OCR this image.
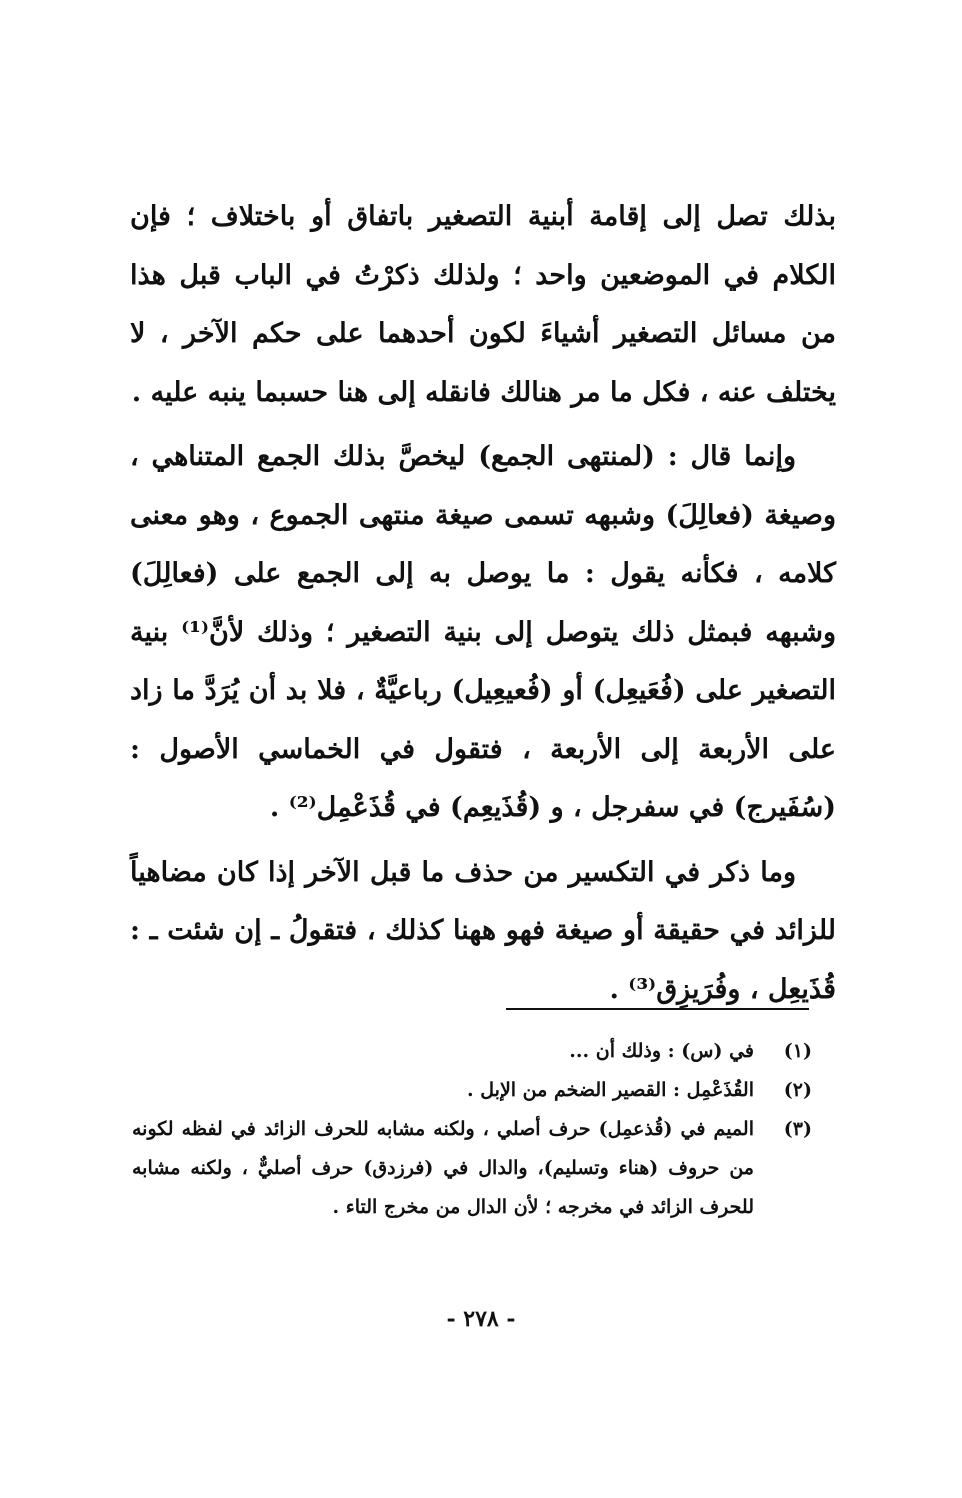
بذلك تصل إلى إقامة أبنية التصغير باتفاق أو باختلاف ؛ فإن الكلام في الموضعين واحد ؛ ولذلك ذكرْتُ في الباب قبل هذا من مسائل التصغير أشياءَ لكون أحدهما على حكم الآخر ، لا يختلف عنه ، فكل ما مر هنالك فانقله إلى هنا حسبما ينبه عليه .

وإنما قال : (لمنتهى الجمع) ليخصَّ بذلك الجمع المتناهي ، وصيغة (فعالِلَ) وشبهه تسمى صيغة منتهى الجموع ، وهو معنى كلامه ، فكأنه يقول : ما يوصل به إلى الجمع على (فعالِلَ) وشبهه فبمثل ذلك يتوصل إلى بنية التصغير ؛ وذلك لأنَّ⁽¹⁾ بنية التصغير على (فُعَيعِل) أو (فُعيعِيل) رباعيَّةٌ ، فلا بد أن يُرَدَّ ما زاد على الأربعة إلى الأربعة ، فتقول في الخماسي الأصول : (سُفَيرج) في سفرجل ، و (قُذَيعِم) في قُذَعْمِل⁽²⁾ .

وما ذكر في التكسير من حذف ما قبل الآخر إذا كان مضاهياً للزائد في حقيقة أو صيغة فهو ههنا كذلك ، فتقولُ ـ إن شئت ـ : قُذَيعِل ، وفُرَيزِق⁽³⁾ .

(١)
في (س) : وذلك أن ...
(٢)
القُذَعْمِل : القصير الضخم من الإبل .
(٣)
الميم في (قُذعمِل) حرف أصلي ، ولكنه مشابه للحرف الزائد في لفظه لكونه من حروف (هناء وتسليم)، والدال في (فرزدق) حرف أصليٌّ ، ولكنه مشابه للحرف الزائد في مخرجه ؛ لأن الدال من مخرج التاء .
- ٢٧٨ -
